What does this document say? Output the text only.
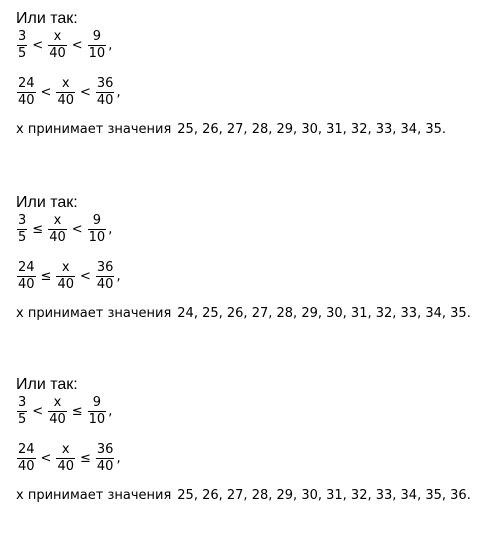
Или так:
$\frac{3}{5} < \frac{x}{40} < \frac{9}{10}$ ,
$\frac{24}{40} < \frac{x}{40} < \frac{36}{40}$ ,
х принимает значения 25, 26, 27, 28, 29, 30, 31, 32, 33, 34, 35.
Или так:
$\frac{3}{5} \le \frac{x}{40} < \frac{9}{10}$ ,
$\frac{24}{40} \le \frac{x}{40} < \frac{36}{40}$ ,
х принимает значения 24, 25, 26, 27, 28, 29, 30, 31, 32, 33, 34, 35.
Или так:
$\frac{3}{5} < \frac{x}{40} \le \frac{9}{10}$ ,
$\frac{24}{40} < \frac{x}{40} \le \frac{36}{40}$ ,
х принимает значения 25, 26, 27, 28, 29, 30, 31, 32, 33, 34, 35, 36.
